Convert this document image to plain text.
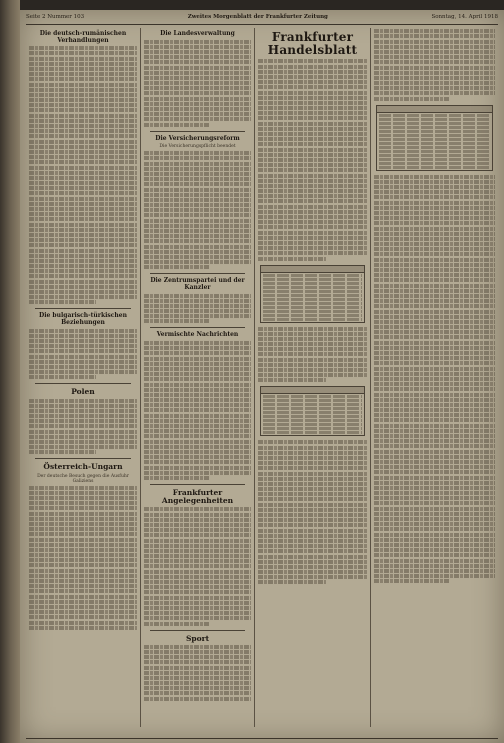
Seite 2 Nummer 103	Zweites Morgenblatt der Frankfurter Zeitung	Sonntag, 14. April 1918
Die deutsch-rumänischen Verhandlungen
Die bulgarisch-türkischen Beziehungen
Polen
Österreich-Ungarn
Der deutsche Besuch gegen die Ausfuhr Galiziens
Die Landesverwaltung
Die Versicherungsreform
Die Versicherungspflicht beendet
Die Zentrumspartei und der Kanzler
Vermischte Nachrichten
Frankfurter Angelegenheiten
Sport
Frankfurter Handelsblatt
